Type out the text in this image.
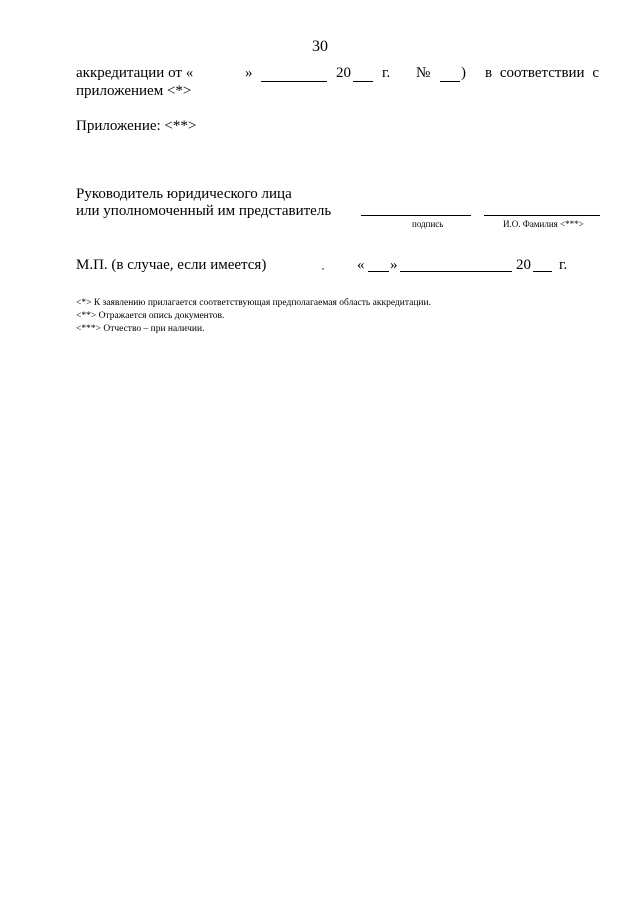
30
аккредитации от «	»	20 г. № ) в соответствии с
приложением <*>
Приложение: <**>
Руководитель юридического лица
или уполномоченный им представитель
подпись	И.О. Фамилия <***>
М.П. (в случае, если имеется)	« »	20 г.
<*> К заявлению прилагается соответствующая предполагаемая область аккредитации.
<**> Отражается опись документов.
<***> Отчество – при наличии.
